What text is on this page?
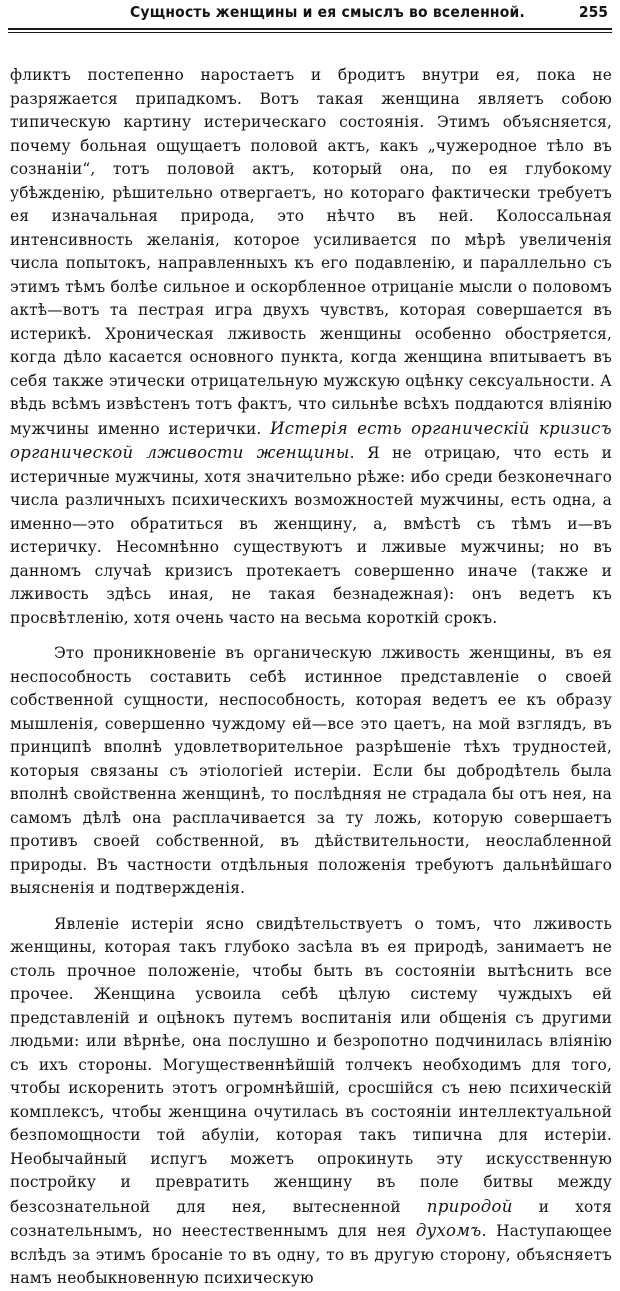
Сущность женщины и ея смыслъ во вселенной.	255

фликтъ постепенно наростаетъ и бродитъ внутри ея, пока не разряжается припадкомъ. Вотъ такая женщина являетъ собою типическую картину истерическаго состоянія. Этимъ объясняется, почему больная ощущаетъ половой актъ, какъ „чужеродное тѣло въ сознаніи“, тотъ половой актъ, который она, по ея глубокому убѣжденію, рѣшительно отвергаетъ, но котораго фактически требуетъ ея изначальная природа, это нѣчто въ ней. Колоссальная интенсивность желанія, которое усиливается по мѣрѣ увеличенія числа попытокъ, направленныхъ къ его подавленію, и параллельно съ этимъ тѣмъ болѣе сильное и оскорбленное отрицаніе мысли о половомъ актѣ—вотъ та пестрая игра двухъ чувствъ, которая совершается въ истерикѣ. Хроническая лживость женщины особенно обостряется, когда дѣло касается основного пункта, когда женщина впитываетъ въ себя также этически отрицательную мужскую оцѣнку сексуальности. А вѣдь всѣмъ извѣстенъ тотъ фактъ, что сильнѣе всѣхъ поддаются вліянію мужчины именно истерички. Истерія есть органическій кризисъ органической лживости женщины. Я не отрицаю, что есть и истеричные мужчины, хотя значительно рѣже: ибо среди безконечнаго числа различныхъ психическихъ возможностей мужчины, есть одна, а именно—это обратиться въ женщину, а, вмѣстѣ съ тѣмъ и—въ истеричку. Несомнѣнно существуютъ и лживые мужчины; но въ данномъ случаѣ кризисъ протекаетъ совершенно иначе (также и лживость здѣсь иная, не такая безнадежная): онъ ведетъ къ просвѣтленію, хотя очень часто на весьма короткій срокъ.

Это проникновеніе въ органическую лживость женщины, въ ея неспособность составить себѣ истинное представленіе о своей собственной сущности, неспособность, которая ведетъ ее къ образу мышленія, совершенно чуждому ей—все это цаетъ, на мой взглядъ, въ принципѣ вполнѣ удовлетворительное разрѣшеніе тѣхъ трудностей, которыя связаны съ этіологіей истеріи. Если бы добродѣтель была вполнѣ свойственна женщинѣ, то послѣдняя не страдала бы отъ нея, на самомъ дѣлѣ она расплачивается за ту ложь, которую совершаетъ противъ своей собственной, въ дѣйствительности, неослабленной природы. Въ частности отдѣльныя положенія требуютъ дальнѣйшаго выясненія и подтвержденія.

Явленіе истеріи ясно свидѣтельствуетъ о томъ, что лживость женщины, которая такъ глубоко засѣла въ ея природѣ, занимаетъ не столь прочное положеніе, чтобы быть въ состояніи вытѣснить все прочее. Женщина усвоила себѣ цѣлую систему чуждыхъ ей представленій и оцѣнокъ путемъ воспитанія или общенія съ другими людьми: или вѣрнѣе, она послушно и безропотно подчинилась вліянію съ ихъ стороны. Могущественнѣйшій толчекъ необходимъ для того, чтобы искоренить этотъ огромнѣйшій, сросшійся съ нею психическій комплексъ, чтобы женщина очутилась въ состояніи интеллектуальной безпомощности той абуліи, которая такъ типична для истеріи. Необычайный испугъ можетъ опрокинуть эту искусственную постройку и превратить женщину въ поле битвы между безсознательной для нея, вытесненной природой и хотя сознательнымъ, но неестественнымъ для нея духомъ. Наступающее вслѣдъ за этимъ бросаніе то въ одну, то въ другую сторону, объясняетъ намъ необыкновенную психическую
